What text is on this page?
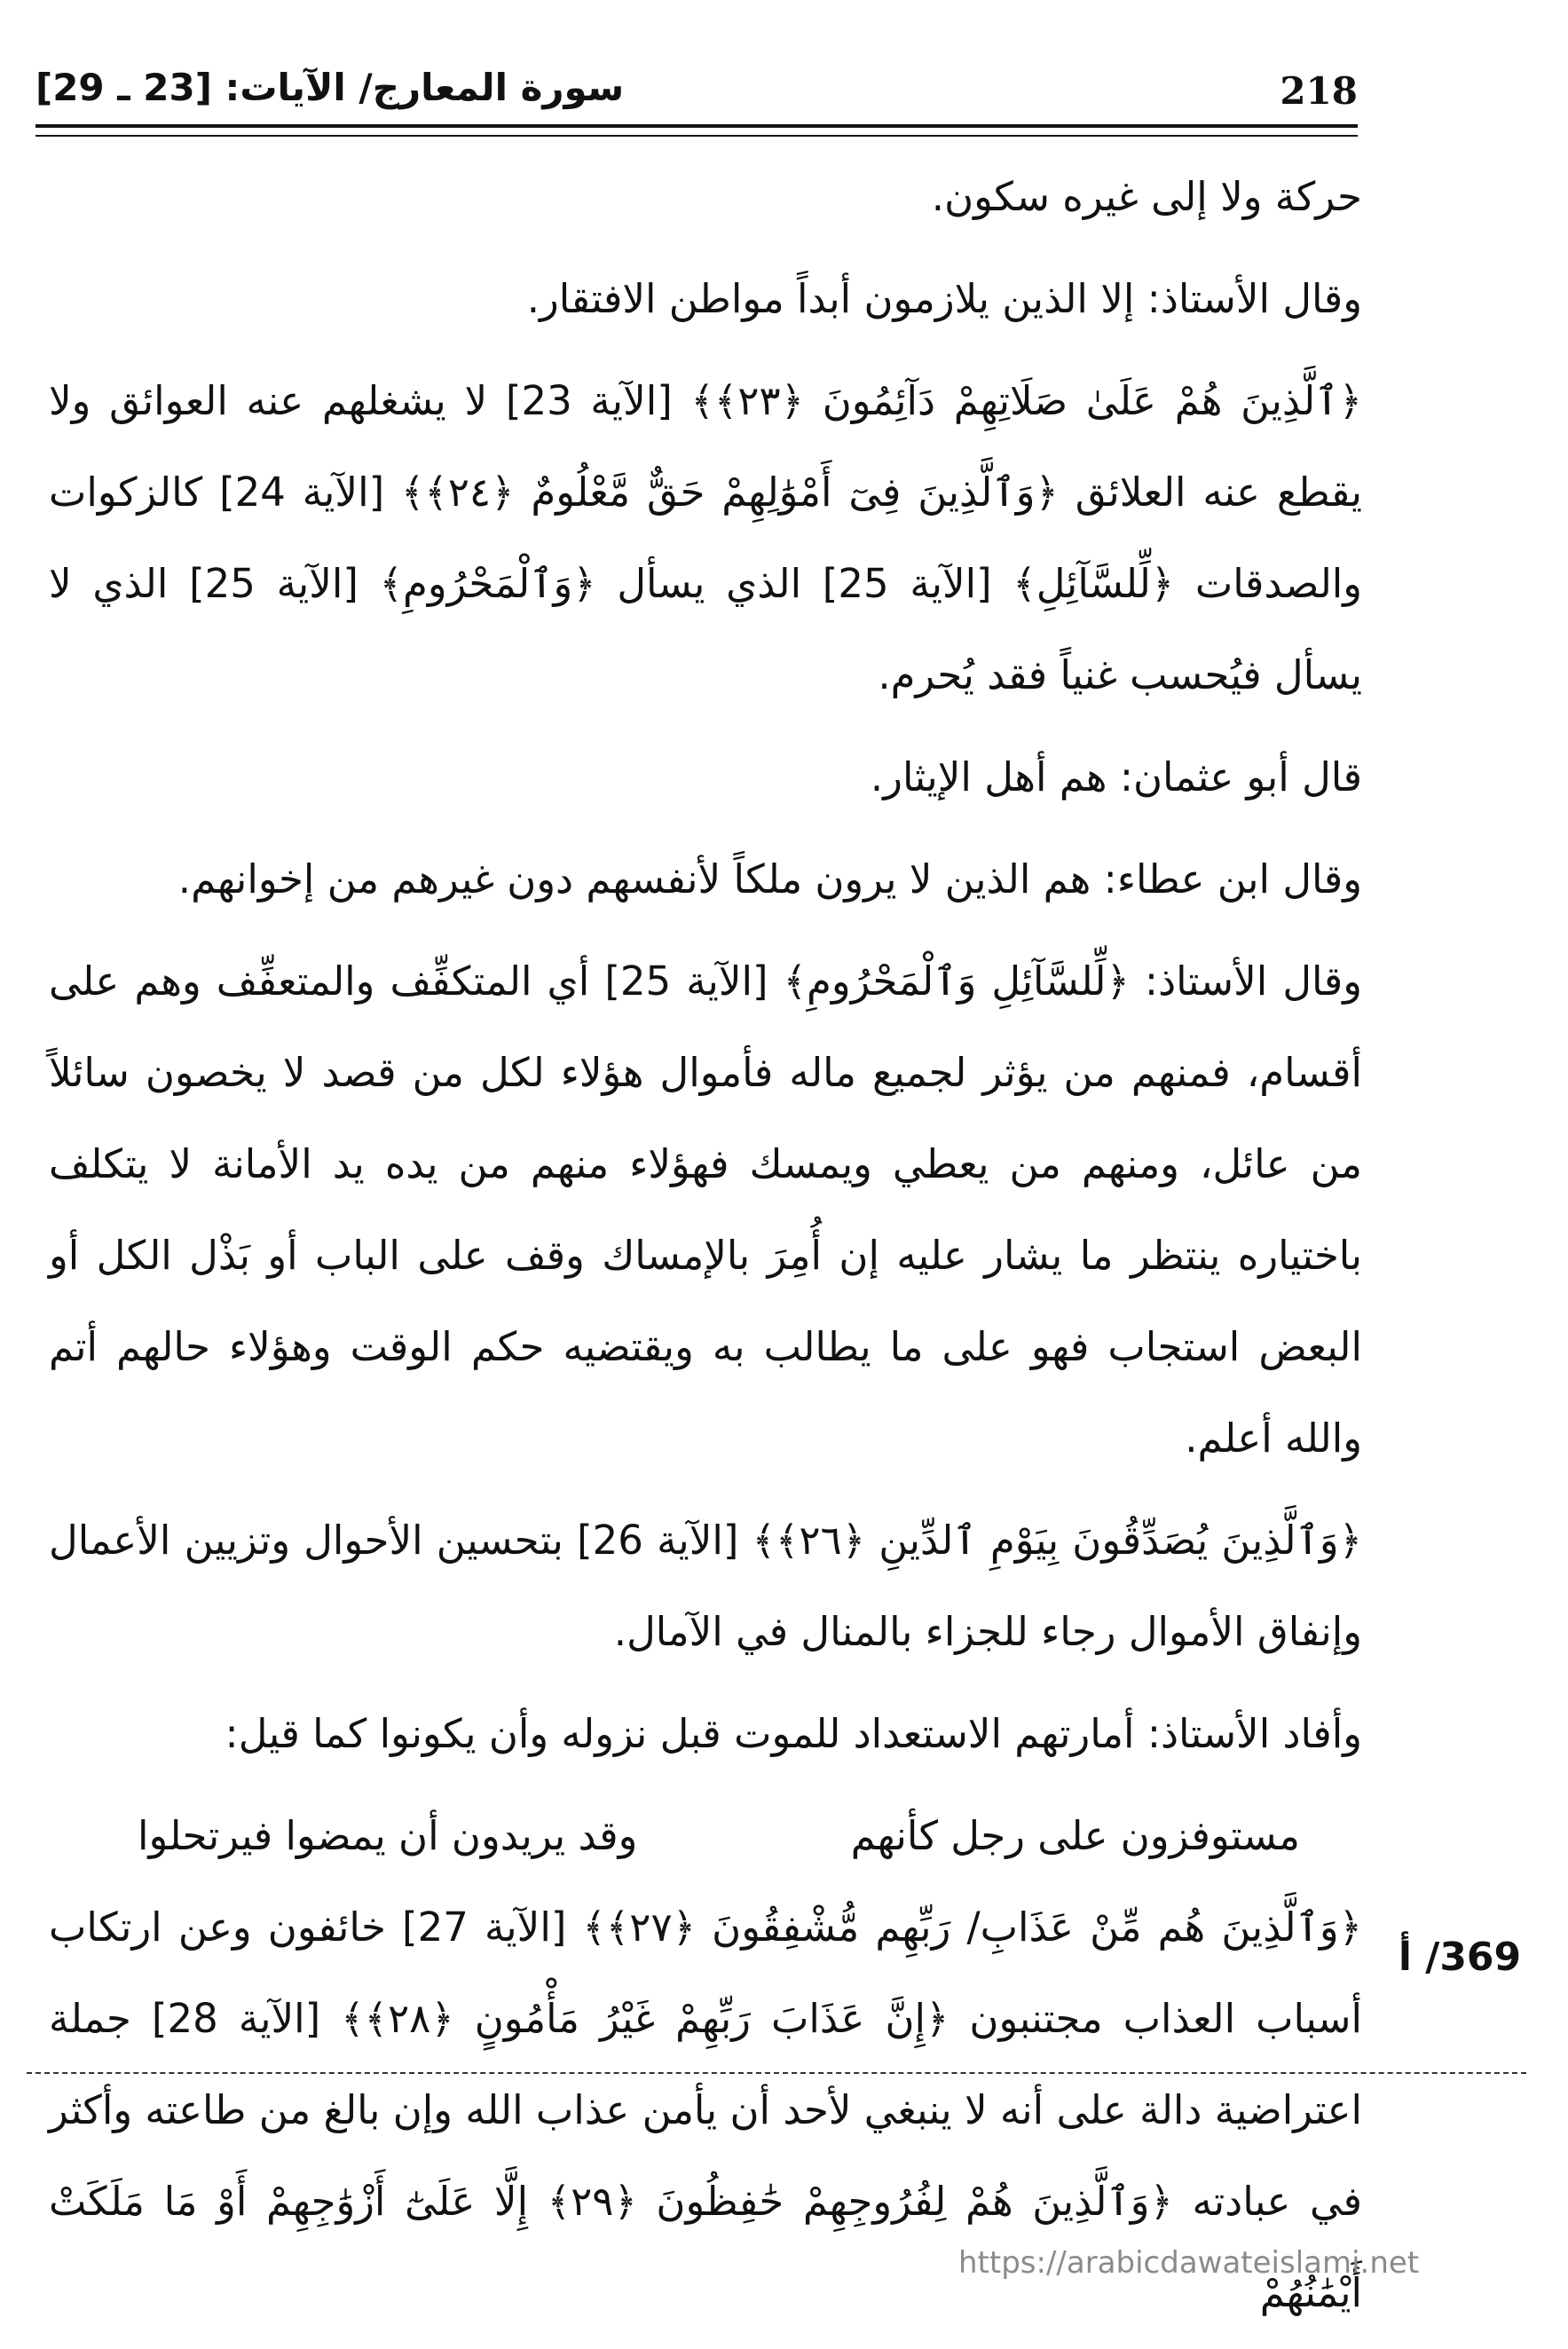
218
سورة المعارج/ الآيات: [23 ـ 29]

حركة ولا إلى غيره سكون.

وقال الأستاذ: إلا الذين يلازمون أبداً مواطن الافتقار.

﴿ٱلَّذِينَ هُمْ عَلَىٰ صَلَاتِهِمْ دَآئِمُونَ ﴿٢٣﴾﴾ [الآية 23] لا يشغلهم عنه العوائق ولا يقطع عنه العلائق ﴿وَٱلَّذِينَ فِىٓ أَمْوَٰلِهِمْ حَقٌّ مَّعْلُومٌ ﴿٢٤﴾﴾ [الآية 24] كالزكوات والصدقات ﴿لِّلسَّآئِلِ﴾ [الآية 25] الذي يسأل ﴿وَٱلْمَحْرُومِ﴾ [الآية 25] الذي لا يسأل فيُحسب غنياً فقد يُحرم.

قال أبو عثمان: هم أهل الإيثار.

وقال ابن عطاء: هم الذين لا يرون ملكاً لأنفسهم دون غيرهم من إخوانهم.

وقال الأستاذ: ﴿لِّلسَّآئِلِ وَٱلْمَحْرُومِ﴾ [الآية 25] أي المتكفِّف والمتعفِّف وهم على أقسام، فمنهم من يؤثر لجميع ماله فأموال هؤلاء لكل من قصد لا يخصون سائلاً من عائل، ومنهم من يعطي ويمسك فهؤلاء منهم من يده يد الأمانة لا يتكلف باختياره ينتظر ما يشار عليه إن أُمِرَ بالإمساك وقف على الباب أو بَذْل الكل أو البعض استجاب فهو على ما يطالب به ويقتضيه حكم الوقت وهؤلاء حالهم أتم والله أعلم.

﴿وَٱلَّذِينَ يُصَدِّقُونَ بِيَوْمِ ٱلدِّينِ ﴿٢٦﴾﴾ [الآية 26] بتحسين الأحوال وتزيين الأعمال وإنفاق الأموال رجاء للجزاء بالمنال في الآمال.

وأفاد الأستاذ: أمارتهم الاستعداد للموت قبل نزوله وأن يكونوا كما قيل:

مستوفزون على رجل كأنهم
وقد يريدون أن يمضوا فيرتحلوا

﴿وَٱلَّذِينَ هُم مِّنْ عَذَابِ/ رَبِّهِم مُّشْفِقُونَ ﴿٢٧﴾﴾ [الآية 27] خائفون وعن ارتكاب أسباب العذاب مجتنبون ﴿إِنَّ عَذَابَ رَبِّهِمْ غَيْرُ مَأْمُونٍ ﴿٢٨﴾﴾ [الآية 28] جملة اعتراضية دالة على أنه لا ينبغي لأحد أن يأمن عذاب الله وإن بالغ من طاعته وأكثر في عبادته ﴿وَٱلَّذِينَ هُمْ لِفُرُوجِهِمْ حَٰفِظُونَ ﴿٢٩﴾ إِلَّا عَلَىٰٓ أَزْوَٰجِهِمْ أَوْ مَا مَلَكَتْ أَيْمَٰنُهُمْ

369/ أ
https://arabicdawateislami.net
